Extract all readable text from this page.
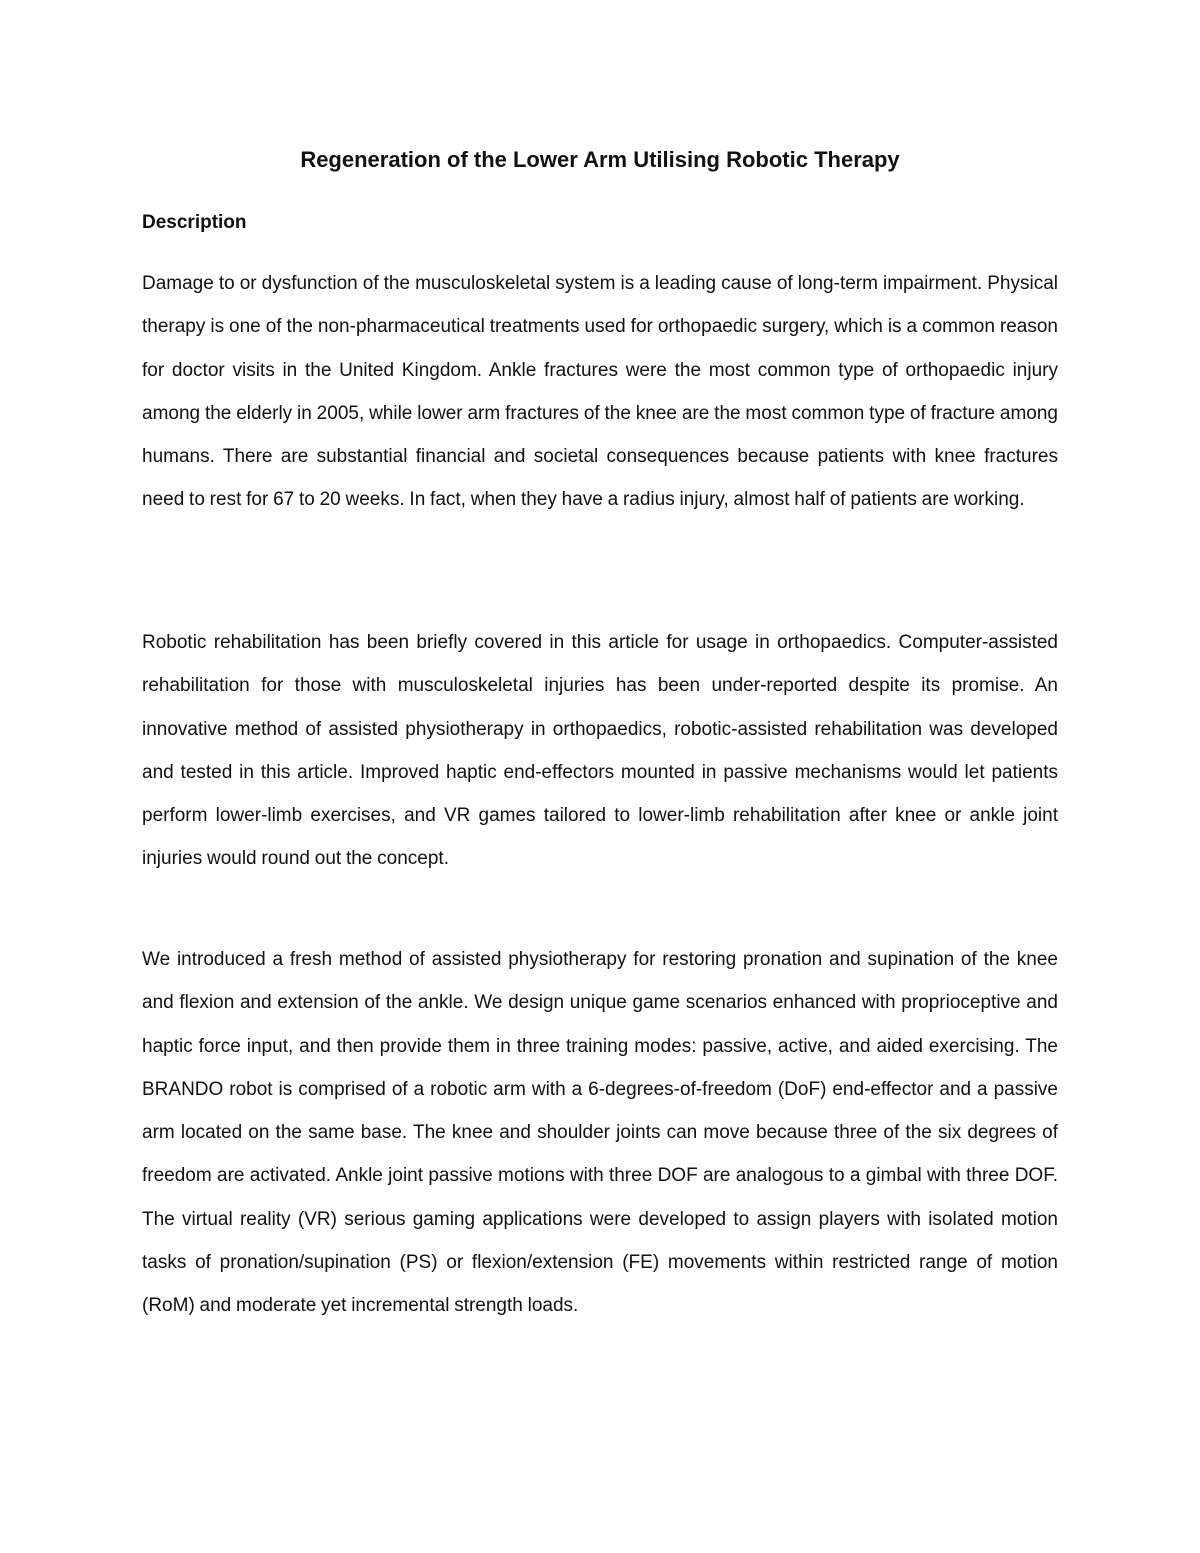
Regeneration of the Lower Arm Utilising Robotic Therapy
Description

Damage to or dysfunction of the musculoskeletal system is a leading cause of long-term impairment. Physical therapy is one of the non-pharmaceutical treatments used for orthopaedic surgery, which is a common reason for doctor visits in the United Kingdom. Ankle fractures were the most common type of orthopaedic injury among the elderly in 2005, while lower arm fractures of the knee are the most common type of fracture among humans. There are substantial financial and societal consequences because patients with knee fractures need to rest for 67 to 20 weeks. In fact, when they have a radius injury, almost half of patients are working.

Robotic rehabilitation has been briefly covered in this article for usage in orthopaedics. Computer-assisted rehabilitation for those with musculoskeletal injuries has been under-reported despite its promise. An innovative method of assisted physiotherapy in orthopaedics, robotic-assisted rehabilitation was developed and tested in this article. Improved haptic end-effectors mounted in passive mechanisms would let patients perform lower-limb exercises, and VR games tailored to lower-limb rehabilitation after knee or ankle joint injuries would round out the concept.

We introduced a fresh method of assisted physiotherapy for restoring pronation and supination of the knee and flexion and extension of the ankle. We design unique game scenarios enhanced with proprioceptive and haptic force input, and then provide them in three training modes: passive, active, and aided exercising. The BRANDO robot is comprised of a robotic arm with a 6-degrees-of-freedom (DoF) end-effector and a passive arm located on the same base. The knee and shoulder joints can move because three of the six degrees of freedom are activated. Ankle joint passive motions with three DOF are analogous to a gimbal with three DOF. The virtual reality (VR) serious gaming applications were developed to assign players with isolated motion tasks of pronation/supination (PS) or flexion/extension (FE) movements within restricted range of motion (RoM) and moderate yet incremental strength loads.
